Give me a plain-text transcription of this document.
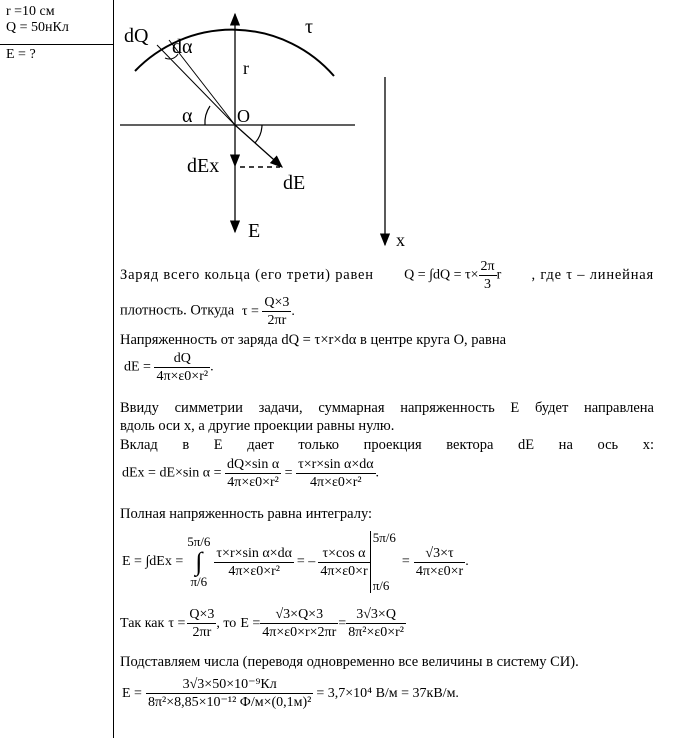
r =10 см
Q = 50нКл
E = ?
dQ dα
r
τ
α O
dEx
dE
E	x
Заряд всего кольца (его трети) равен $Q = \int dQ = \tau\times \frac{2\pi}{3}$ r , где τ – линейная
плотность. Откуда $\tau = \frac{Q\times 3}{2\pi r}$ .
Напряженность от заряда dQ = τ×r×dα в центре круга O, равна
dE = $\frac{dQ}{\text{4π×ε0×r²}}$ .
Ввиду симметрии задачи, суммарная напряженность E будет направлена
вдоль оси x, а другие проекции равны нулю.
Вклад в E дает только проекция вектора dE на ось x:
dEx = dE×sin $\alpha = \frac{\text{dQ×sin α}}{\text{4π×ε0×r²}} = \frac{\text{τ×r×sin α×dα}}{\text{4π×ε0×r²}}$ .
Полная напряженность равна интегралу:
E = ∫dEx =
5π/6
∫
π/6
$\frac{\text{τ×r×sin α×dα}}{\text{4π×ε0×r²}}$ = – $\frac{\text{τ×cos α}}{4\pi\times\varepsilon 0\times r}$
5π/6
π/6
= $\frac{√3\times\tau}{4\pi\times\varepsilon 0\times r}$ .
Так как $\tau = \frac{Q\times 3}{2\pi r}$ , то $E = \frac{√3\times Q\times 3}{4\pi\times\varepsilon 0\times r\times 2\pi r} = \frac{3√3\times Q}{\text{8π²×ε0×r²}}$
Подставляем числа (переводя одновременно все величины в систему СИ).
$E = \frac{\text{3√3×50×10⁻⁹Кл}}{\text{8π²×8,85×10⁻¹² Ф/м×(0,1м)²}} = 3,7\times 10^4$ В/м = 37кВ/м.
